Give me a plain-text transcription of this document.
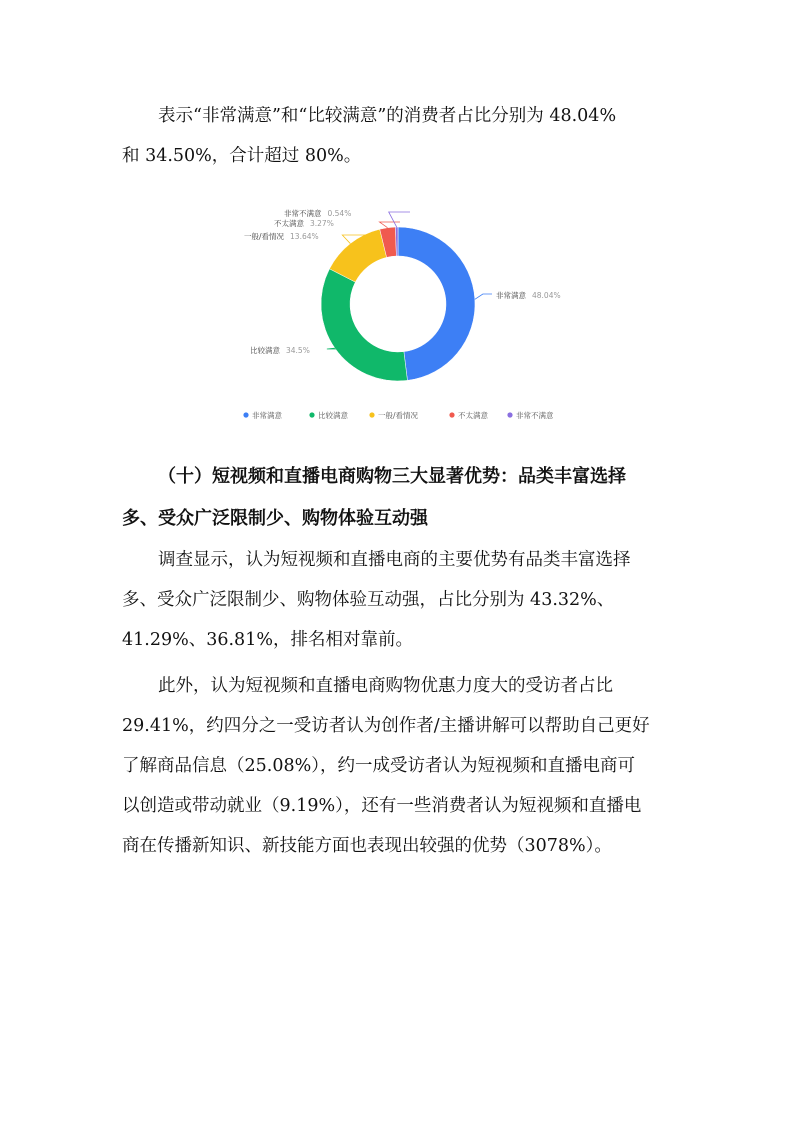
表示“非常满意”和“比较满意”的消费者占比分别为 48.04%
和 34.50%，合计超过 80%。
非常满意 48.04%
比较满意 34.5%
一般/看情况 13.64%
不太满意 3.27%
非常不满意 0.54%
非常满意	比较满意	一般/看情况	不太满意	非常不满意
（十）短视频和直播电商购物三大显著优势：品类丰富选择
多、受众广泛限制少、购物体验互动强
调查显示，认为短视频和直播电商的主要优势有品类丰富选择
多、受众广泛限制少、购物体验互动强，占比分别为 43.32%、
41.29%、36.81%，排名相对靠前。
此外，认为短视频和直播电商购物优惠力度大的受访者占比
29.41%，约四分之一受访者认为创作者/主播讲解可以帮助自己更好
了解商品信息（25.08%），约一成受访者认为短视频和直播电商可
以创造或带动就业（9.19%），还有一些消费者认为短视频和直播电
商在传播新知识、新技能方面也表现出较强的优势（3078%）。
